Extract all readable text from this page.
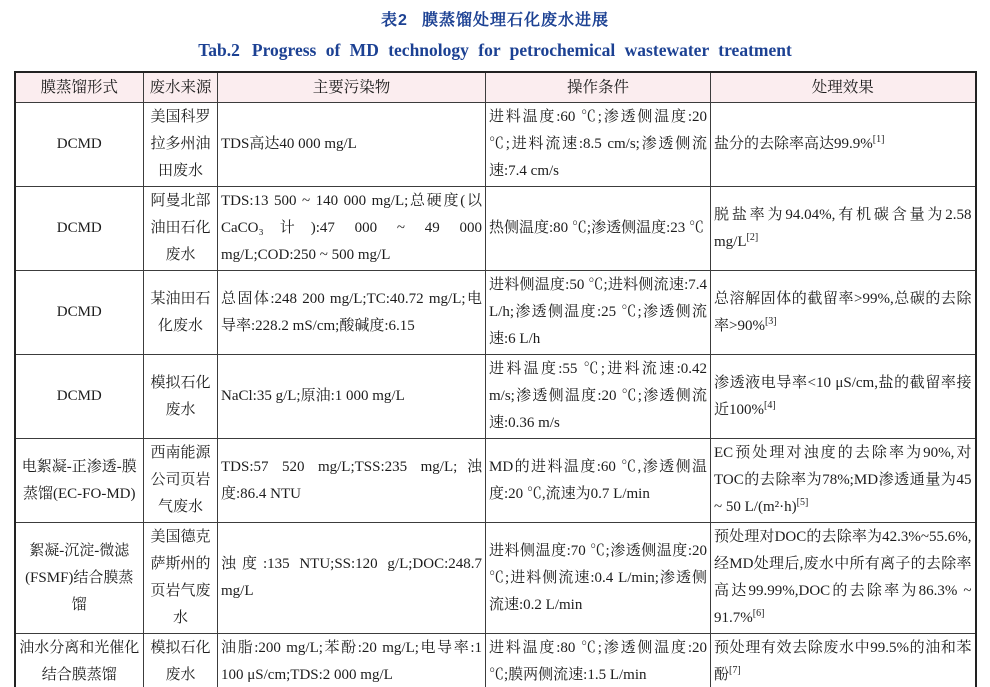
表2 膜蒸馏处理石化废水进展
Tab.2 Progress of MD technology for petrochemical wastewater treatment
膜蒸馏形式	废水来源	主要污染物	操作条件	处理效果
DCMD	美国科罗拉多州油田废水	TDS高达40 000 mg/L	进料温度:60 ℃;渗透侧温度:20 ℃;进料流速:8.5 cm/s;渗透侧流速:7.4 cm/s	盐分的去除率高达99.9%[1]
DCMD	阿曼北部油田石化废水	TDS:13 500 ~ 140 000 mg/L;总硬度(以CaCO₃计):47 000 ~ 49 000 mg/L;COD:250 ~ 500 mg/L	热侧温度:80 ℃;渗透侧温度:23 ℃	脱盐率为94.04%,有机碳含量为2.58 mg/L[2]
DCMD	某油田石化废水	总固体:248 200 mg/L;TC:40.72 mg/L;电导率:228.2 mS/cm;酸碱度:6.15	进料侧温度:50 ℃;进料侧流速:7.4 L/h;渗透侧温度:25 ℃;渗透侧流速:6 L/h	总溶解固体的截留率>99%,总碳的去除率>90%[3]
DCMD	模拟石化废水	NaCl:35 g/L;原油:1 000 mg/L	进料温度:55 ℃;进料流速:0.42 m/s;渗透侧温度:20 ℃;渗透侧流速:0.36 m/s	渗透液电导率<10 μS/cm,盐的截留率接近100%[4]
电絮凝-正渗透-膜蒸馏(EC-FO-MD)	西南能源公司页岩气废水	TDS:57 520 mg/L;TSS:235 mg/L;浊度:86.4 NTU	MD的进料温度:60 ℃,渗透侧温度:20 ℃,流速为0.7 L/min	EC预处理对浊度的去除率为90%,对TOC的去除率为78%;MD渗透通量为45 ~ 50 L/(m²·h)[5]
絮凝-沉淀-微滤(FSMF)结合膜蒸馏	美国德克萨斯州的页岩气废水	浊度:135 NTU;SS:120 g/L;DOC:248.7 mg/L	进料侧温度:70 ℃;渗透侧温度:20 ℃;进料侧流速:0.4 L/min;渗透侧流速:0.2 L/min	预处理对DOC的去除率为42.3%~55.6%,经MD处理后,废水中所有离子的去除率高达99.99%,DOC的去除率为86.3% ~ 91.7%[6]
油水分离和光催化结合膜蒸馏	模拟石化废水	油脂:200 mg/L;苯酚:20 mg/L;电导率:1 100 μS/cm;TDS:2 000 mg/L	进料温度:80 ℃;渗透侧温度:20 ℃;膜两侧流速:1.5 L/min	预处理有效去除废水中99.5%的油和苯酚[7]
